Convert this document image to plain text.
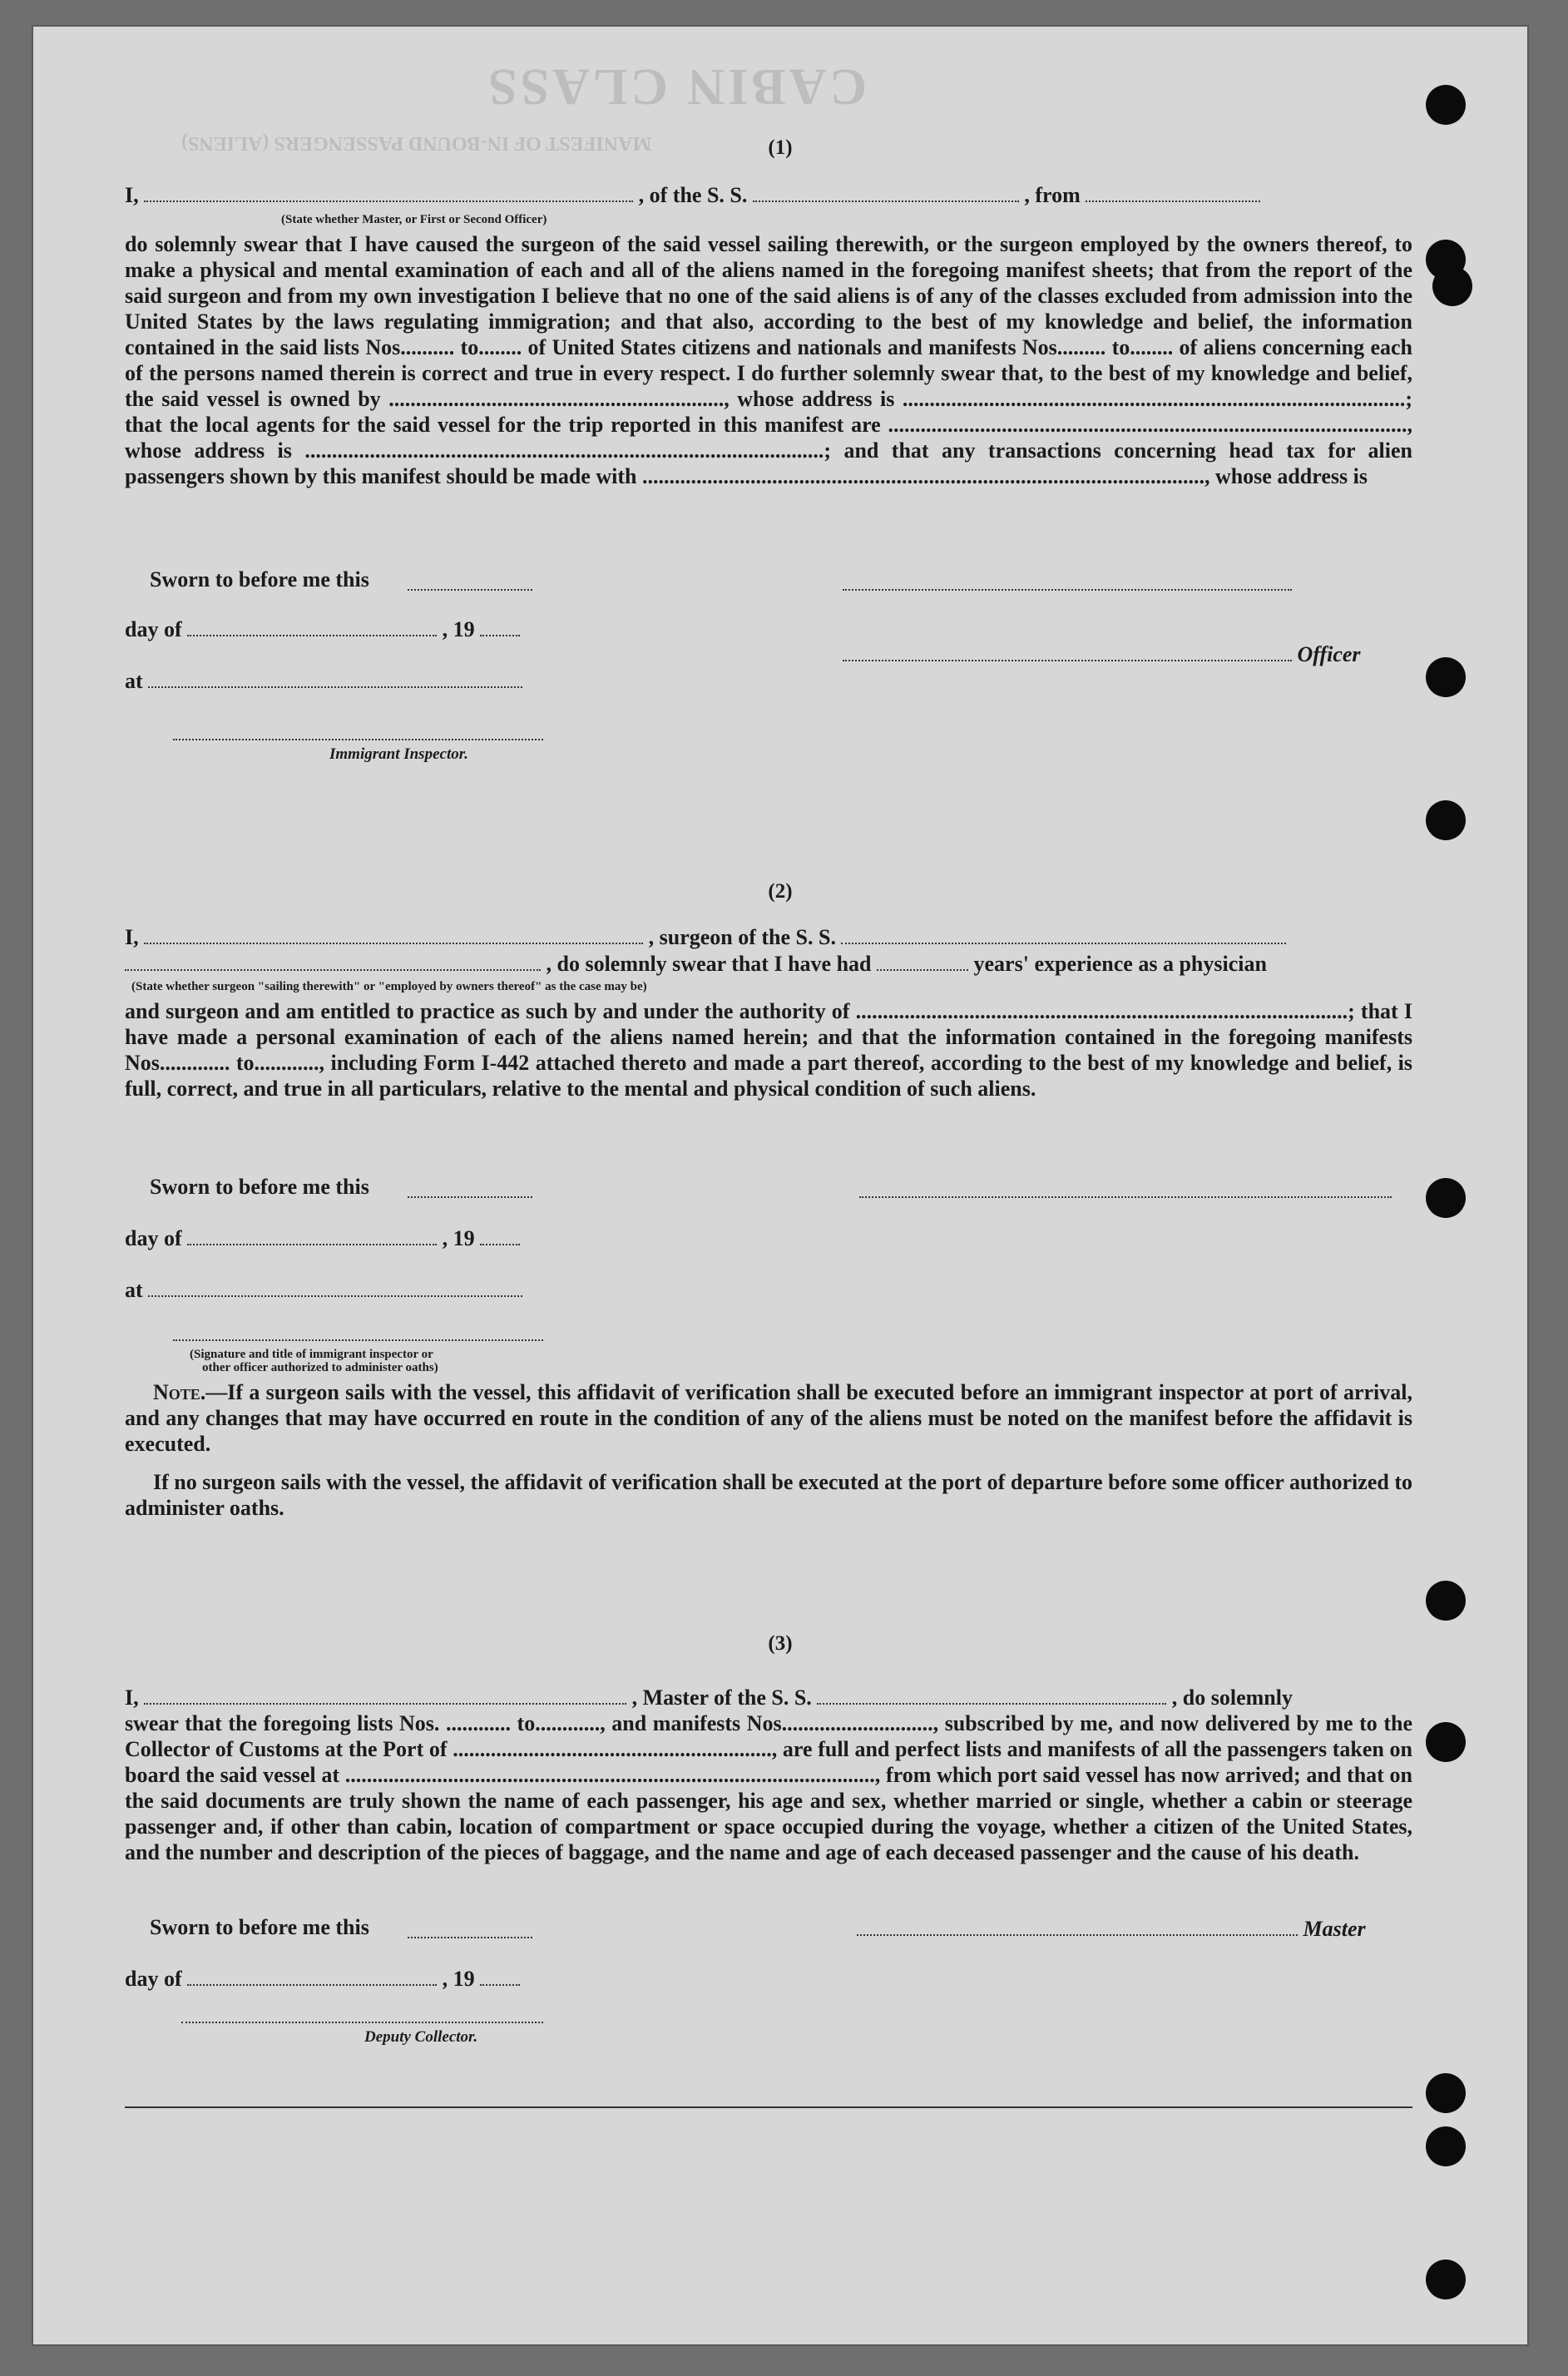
CABIN CLASS
MANIFEST OF IN-BOUND PASSENGERS (ALIENS)	(1)
I,	, of the S. S.	, from
(State whether Master, or First or Second Officer)
do solemnly swear that I have caused the surgeon of the said vessel sailing therewith, or the surgeon employed by the owners thereof, to make a physical and mental examination of each and all of the aliens named in the foregoing manifest sheets; that from the report of the said surgeon and from my own investigation I believe that no one of the said aliens is of any of the classes excluded from admission into the United States by the laws regulating immigration; and that also, according to the best of my knowledge and belief, the information contained in the said lists Nos.......... to........ of United States citizens and nationals and manifests Nos......... to........ of aliens concerning each of the persons named therein is correct and true in every respect. I do further solemnly swear that, to the best of my knowledge and belief, the said vessel is owned by .............................................................., whose address is .............................................................................................; that the local agents for the said vessel for the trip reported in this manifest are ................................................................................................, whose address is ................................................................................................; and that any transactions concerning head tax for alien passengers shown by this manifest should be made with ........................................................................................................, whose address is
Sworn to before me this
day of	, 19
Officer
at
Immigrant Inspector.
(2)
I,	, surgeon of the S. S.
, do solemnly swear that I have had	years' experience as a physician
(State whether surgeon "sailing therewith" or "employed by owners thereof" as the case may be)
and surgeon and am entitled to practice as such by and under the authority of ...........................................................................................; that I have made a personal examination of each of the aliens named herein; and that the information contained in the foregoing manifests Nos............. to............, including Form I-442 attached thereto and made a part thereof, according to the best of my knowledge and belief, is full, correct, and true in all particulars, relative to the mental and physical condition of such aliens.
Sworn to before me this
day of	, 19
at
(Signature and title of immigrant inspector or
other officer authorized to administer oaths)
Note.—If a surgeon sails with the vessel, this affidavit of verification shall be executed before an immigrant inspector at port of arrival, and any changes that may have occurred en route in the condition of any of the aliens must be noted on the manifest before the affidavit is executed.
If no surgeon sails with the vessel, the affidavit of verification shall be executed at the port of departure before some officer authorized to administer oaths.
(3)
I,	, Master of the S. S.	, do solemnly
swear that the foregoing lists Nos. ............ to............, and manifests Nos............................, subscribed by me, and now delivered by me to the Collector of Customs at the Port of ..........................................................., are full and perfect lists and manifests of all the passengers taken on board the said vessel at .................................................................................................., from which port said vessel has now arrived; and that on the said documents are truly shown the name of each passenger, his age and sex, whether married or single, whether a cabin or steerage passenger and, if other than cabin, location of compartment or space occupied during the voyage, whether a citizen of the United States, and the number and description of the pieces of baggage, and the name and age of each deceased passenger and the cause of his death.
Sworn to before me this	Master
day of	, 19
Deputy Collector.
